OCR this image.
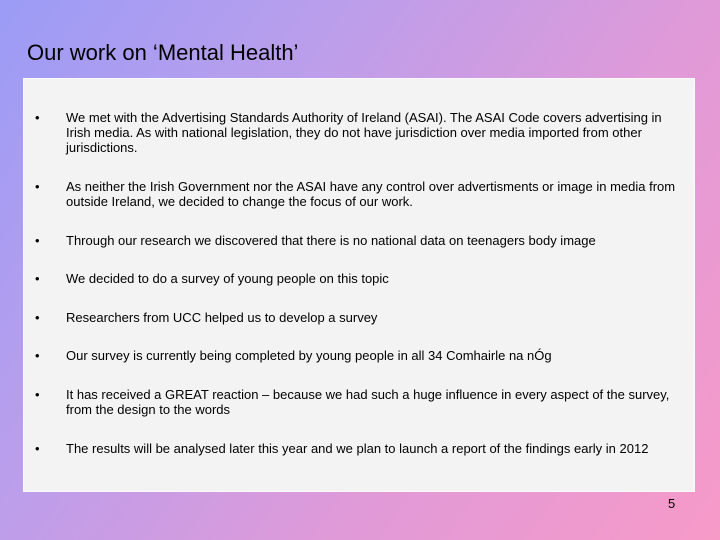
Our work on ‘Mental Health’
• We met with the Advertising Standards Authority of Ireland (ASAI). The ASAI Code covers advertising in Irish media. As with national legislation, they do not have jurisdiction over media imported from other jurisdictions.
• As neither the Irish Government nor the ASAI have any control over advertisments or image in media from outside Ireland, we decided to change the focus of our work.
• Through our research we discovered that there is no national data on teenagers body image
• We decided to do a survey of young people on this topic
• Researchers from UCC helped us to develop a survey
• Our survey is currently being completed by young people in all 34 Comhairle na nÓg
• It has received a GREAT reaction – because we had such a huge influence in every aspect of the survey, from the design to the words
• The results will be analysed later this year and we plan to launch a report of the findings early in 2012
5
